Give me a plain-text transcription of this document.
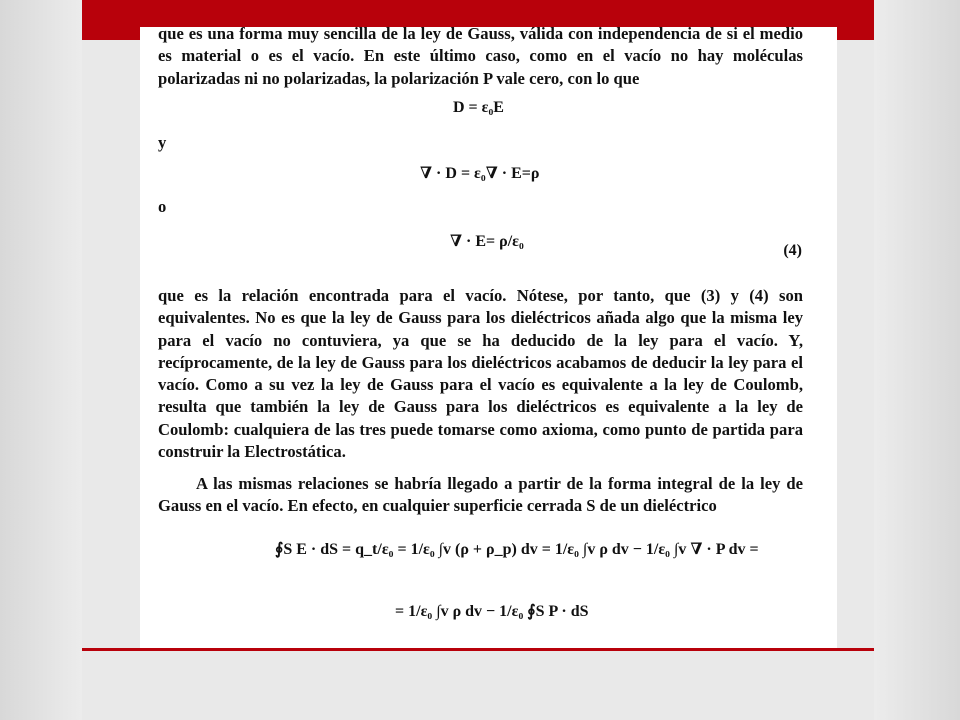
que es una forma muy sencilla de la ley de Gauss, válida con independencia de si el medio es material o es el vacío. En este último caso, como en el vacío no hay moléculas polarizadas ni no polarizadas, la polarización P vale cero, con lo que

D = ε₀E
y
∇ · D = ε₀∇ · E=ρ
o
∇ · E= ρ/ε₀
(4)

que es la relación encontrada para el vacío. Nótese, por tanto, que (3) y (4) son equivalentes. No es que la ley de Gauss para los dieléctricos añada algo que la misma ley para el vacío no contuviera, ya que se ha deducido de la ley para el vacío. Y, recíprocamente, de la ley de Gauss para los dieléctricos acabamos de deducir la ley para el vacío. Como a su vez la ley de Gauss para el vacío es equivalente a la ley de Coulomb, resulta que también la ley de Gauss para los dieléctricos es equivalente a la ley de Coulomb: cualquiera de las tres puede tomarse como axioma, como punto de partida para construir la Electrostática.

A las mismas relaciones se habría llegado a partir de la forma integral de la ley de Gauss en el vacío. En efecto, en cualquier superficie cerrada S de un dieléctrico

∮S E · dS = q_t/ε₀ = 1/ε₀ ∫v (ρ + ρ_p) dv = 1/ε₀ ∫v ρ dv − 1/ε₀ ∫v ∇ · P dv =
= 1/ε₀ ∫v ρ dv − 1/ε₀ ∮S P · dS
